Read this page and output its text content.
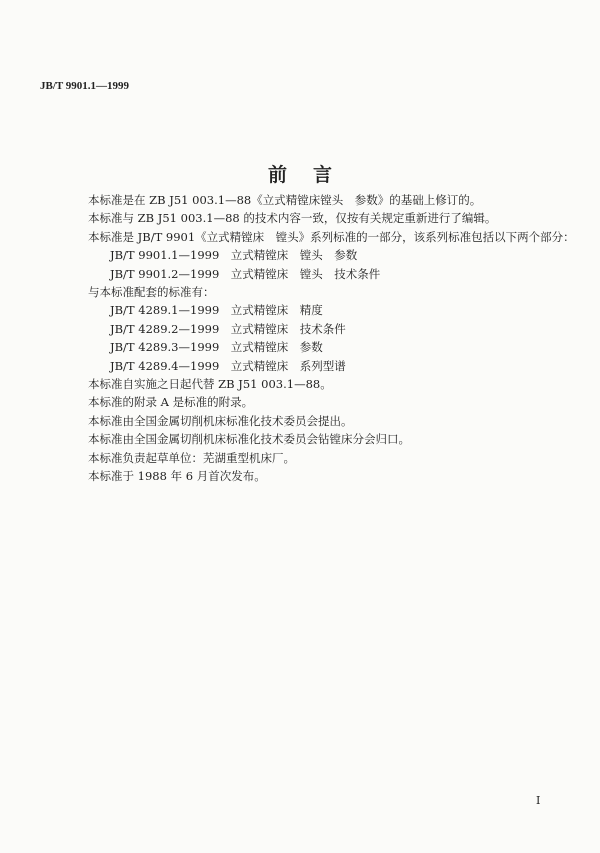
JB/T 9901.1—1999
前言
本标准是在 ZB J51 003.1—88《立式精镗床镗头　参数》的基础上修订的。
本标准与 ZB J51 003.1—88 的技术内容一致，仅按有关规定重新进行了编辑。
本标准是 JB/T 9901《立式精镗床　镗头》系列标准的一部分，该系列标准包括以下两个部分：
JB/T 9901.1—1999　立式精镗床　镗头　参数
JB/T 9901.2—1999　立式精镗床　镗头　技术条件
与本标准配套的标准有：
JB/T 4289.1—1999　立式精镗床　精度
JB/T 4289.2—1999　立式精镗床　技术条件
JB/T 4289.3—1999　立式精镗床　参数
JB/T 4289.4—1999　立式精镗床　系列型谱
本标准自实施之日起代替 ZB J51 003.1—88。
本标准的附录 A 是标准的附录。
本标准由全国金属切削机床标准化技术委员会提出。
本标准由全国金属切削机床标准化技术委员会钻镗床分会归口。
本标准负责起草单位：芜湖重型机床厂。
本标准于 1988 年 6 月首次发布。
I
